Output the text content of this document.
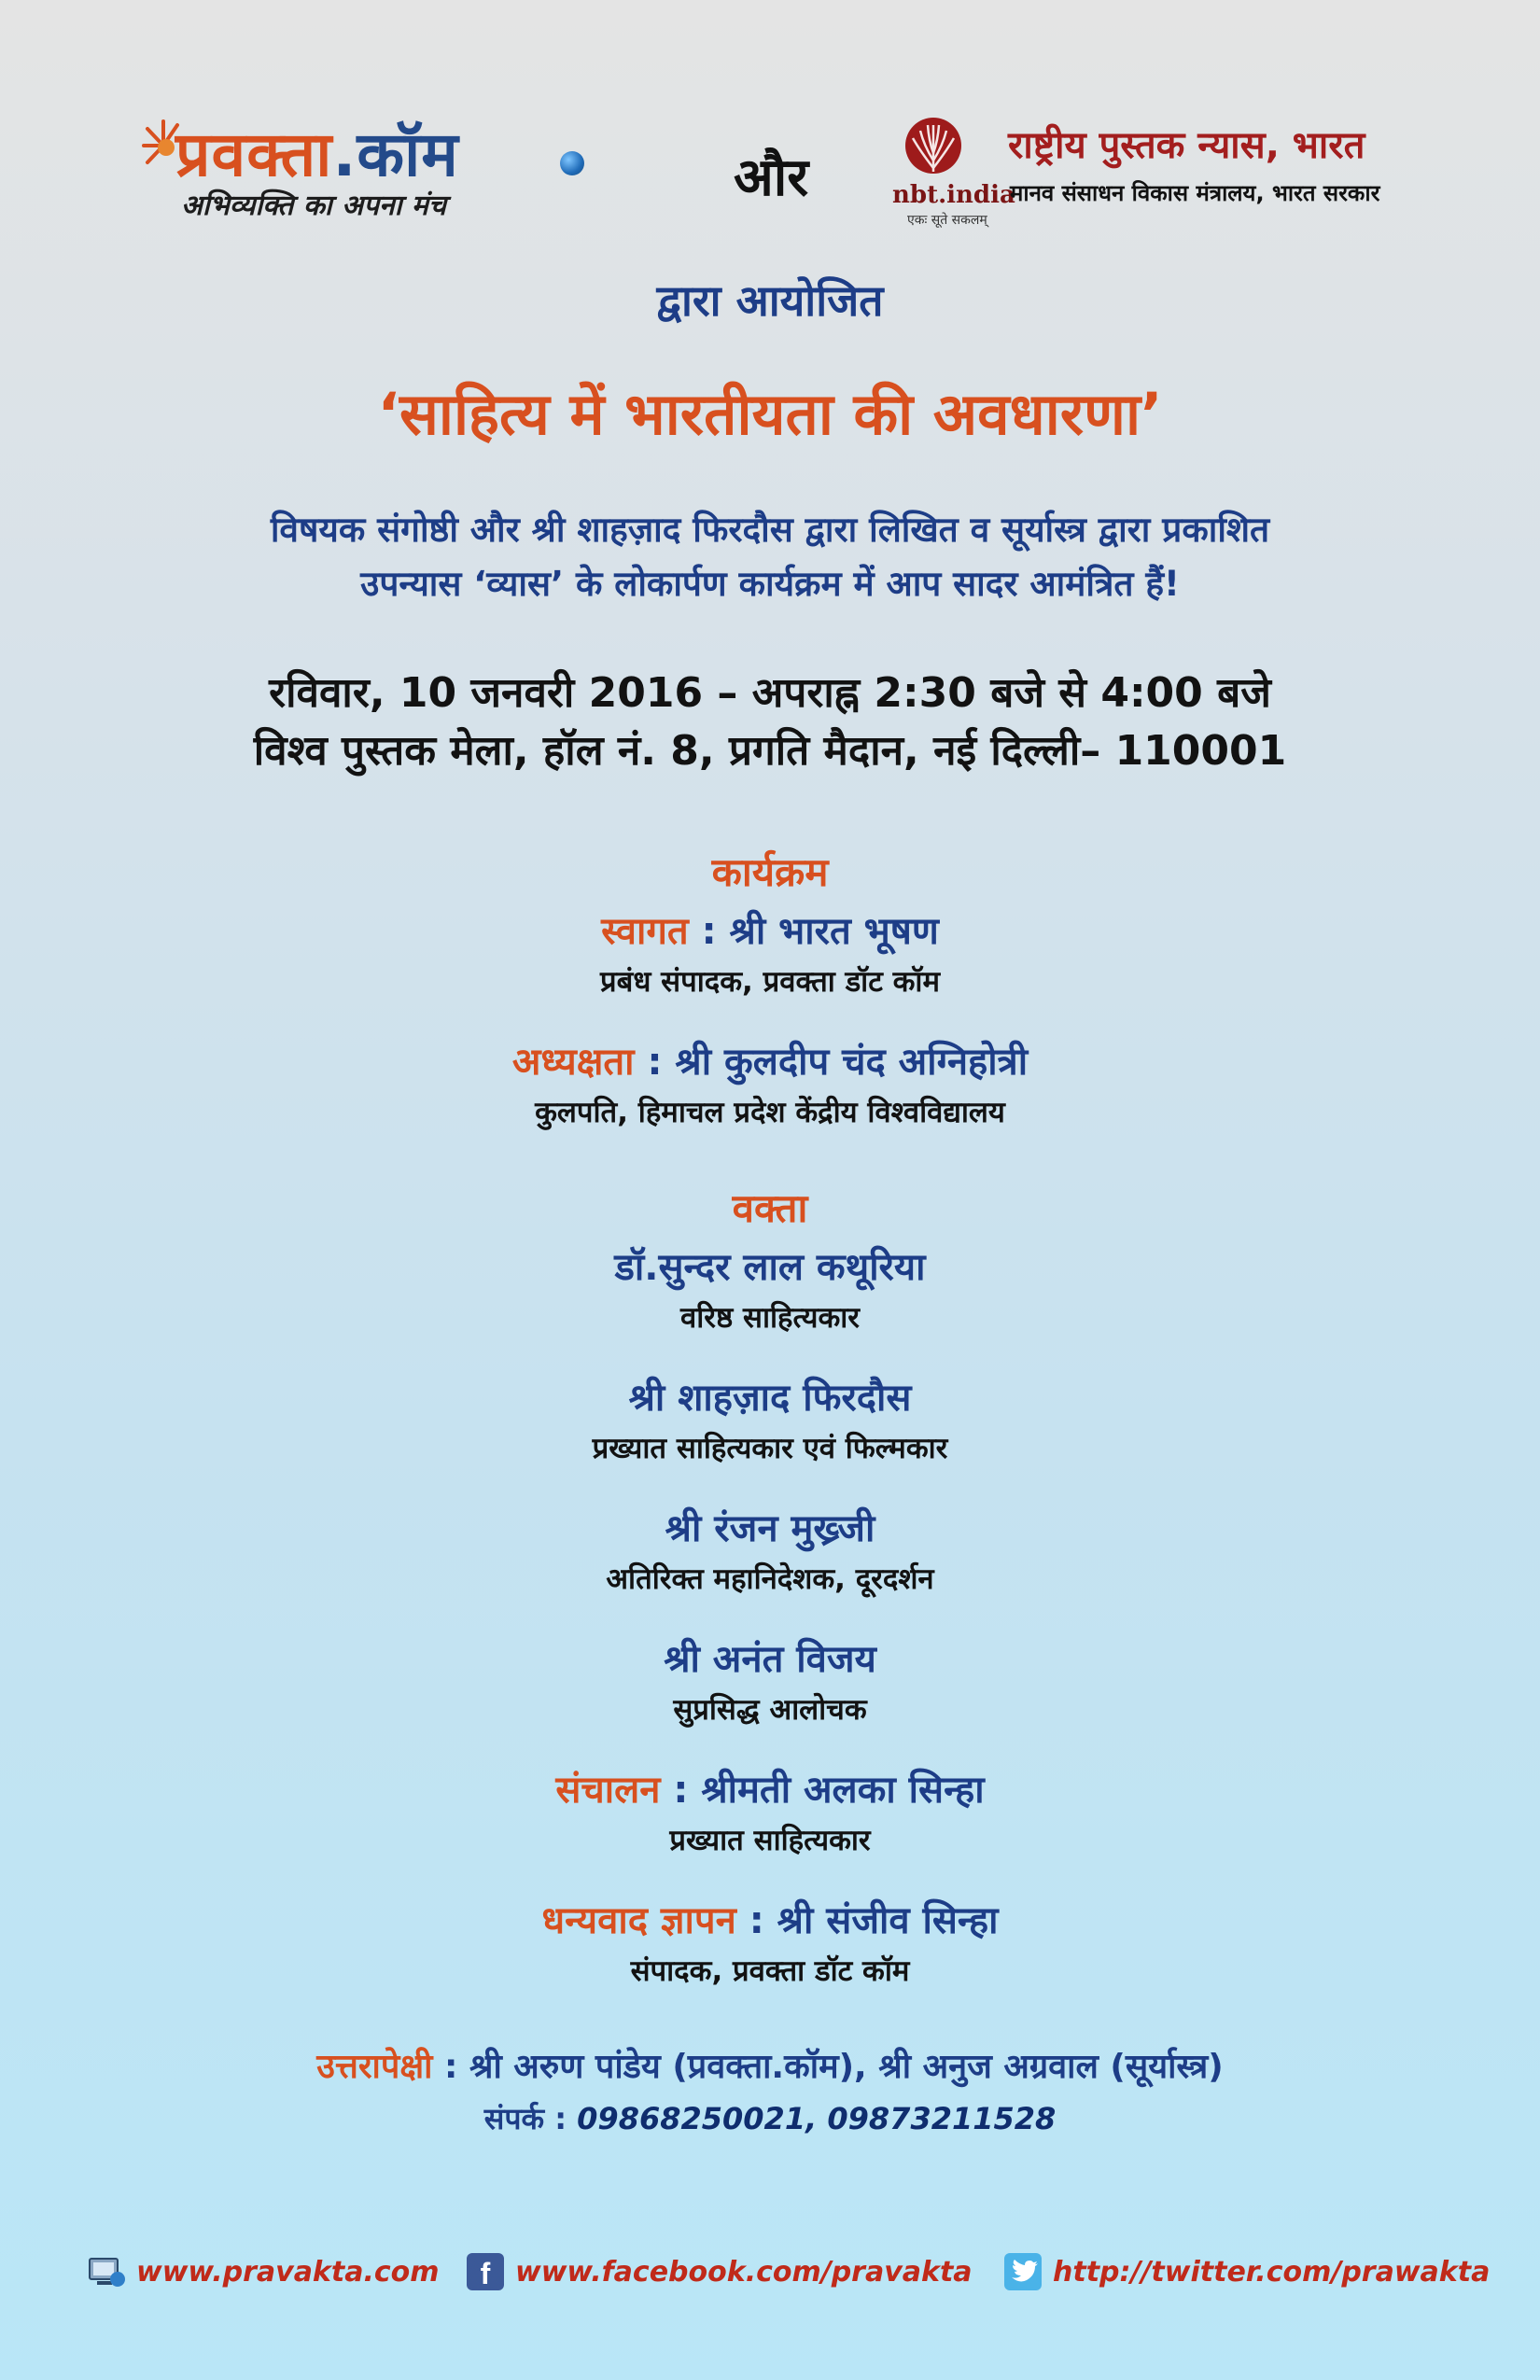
प्रवक्ता.कॉम
अभिव्यक्ति का अपना मंच	और	nbt.india
एकः सूते सकलम्
राष्ट्रीय पुस्तक न्यास, भारत
मानव संसाधन विकास मंत्रालय, भारत सरकार
द्वारा आयोजित
‘साहित्य में भारतीयता की अवधारणा’
विषयक संगोष्ठी और श्री शाहज़ाद फिरदौस द्वारा लिखित व सूर्यास्त्र द्वारा प्रकाशित
उपन्यास ‘व्यास’ के लोकार्पण कार्यक्रम में आप सादर आमंत्रित हैं!
रविवार, 10 जनवरी 2016 – अपराह्न 2:30 बजे से 4:00 बजे
विश्व पुस्तक मेला, हॉल नं. 8, प्रगति मैदान, नई दिल्ली– 110001
कार्यक्रम
स्वागत : श्री भारत भूषण
प्रबंध संपादक, प्रवक्ता डॉट कॉम
अध्यक्षता : श्री कुलदीप चंद अग्निहोत्री
कुलपति, हिमाचल प्रदेश केंद्रीय विश्वविद्यालय
वक्ता
डॉ.सुन्दर लाल कथूरिया
वरिष्ठ साहित्यकार
श्री शाहज़ाद फिरदौस
प्रख्यात साहित्यकार एवं फिल्मकार
श्री रंजन मुख्र्जी
अतिरिक्त महानिदेशक, दूरदर्शन
श्री अनंत विजय
सुप्रसिद्ध आलोचक
संचालन : श्रीमती अलका सिन्हा
प्रख्यात साहित्यकार
धन्यवाद ज्ञापन : श्री संजीव सिन्हा
संपादक, प्रवक्ता डॉट कॉम
उत्तरापेक्षी : श्री अरुण पांडेय (प्रवक्ता.कॉम), श्री अनुज अग्रवाल (सूर्यास्त्र)
संपर्क : 09868250021, 09873211528
www.pravakta.com	f www.facebook.com/pravakta	http://twitter.com/prawakta
